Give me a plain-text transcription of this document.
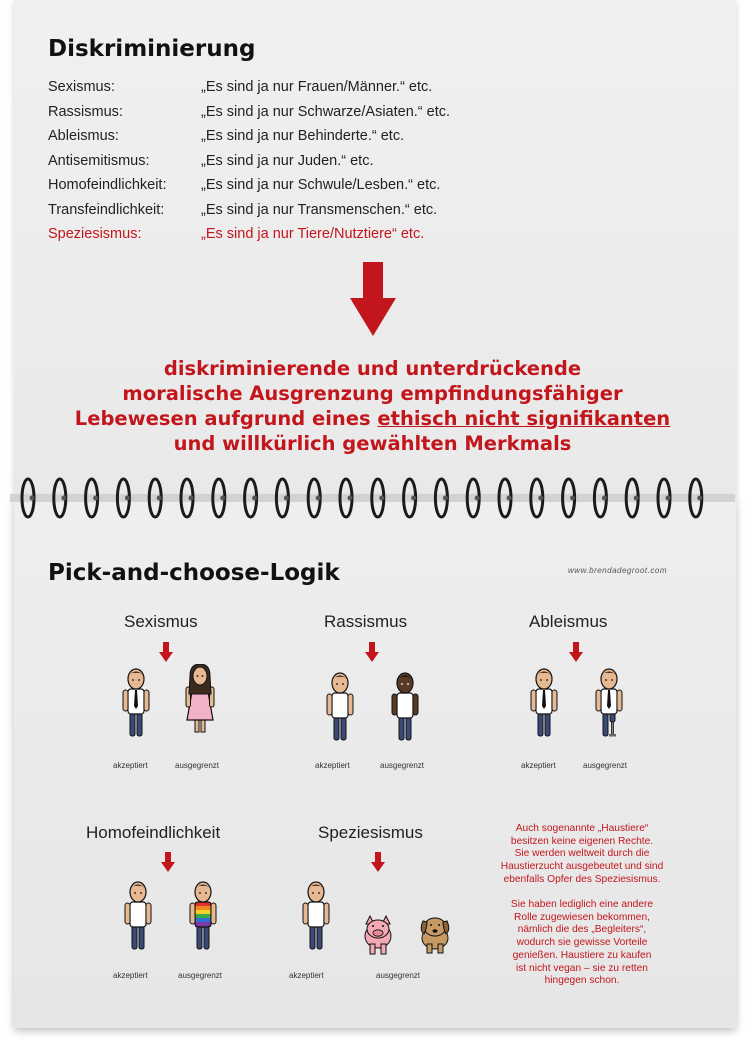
Diskriminierung
Sexismus:	„Es sind ja nur Frauen/Männer.“ etc.
Rassismus:	„Es sind ja nur Schwarze/Asiaten.“ etc.
Ableismus:	„Es sind ja nur Behinderte.“ etc.
Antisemitismus:	„Es sind ja nur Juden.“ etc.
Homofeindlichkeit: „Es sind ja nur Schwule/Lesben.“ etc.
Transfeindlichkeit:	„Es sind ja nur Transmenschen.“ etc.
Speziesismus:	„Es sind ja nur Tiere/Nutztiere“ etc.
diskriminierende und unterdrückende
moralische Ausgrenzung empfindungsfähiger
Lebewesen aufgrund eines ethisch nicht signifikanten
und willkürlich gewählten Merkmals
Pick-and-choose-Logik	www.brendadegroot.com
Sexismus	Rassismus	Ableismus
akzeptiert	ausgegrenzt	akzeptiert	ausgegrenzt	akzeptiert	ausgegrenzt
Homofeindlichkeit	Speziesismus
akzeptiert	ausgegrenzt	akzeptiert	ausgegrenzt
Auch sogenannte „Haustiere“
besitzen keine eigenen Rechte.
Sie werden weltweit durch die
Haustierzucht ausgebeutet und sind
ebenfalls Opfer des Speziesismus.
Sie haben lediglich eine andere
Rolle zugewiesen bekommen,
nämlich die des „Begleiters“,
wodurch sie gewisse Vorteile
genießen. Haustiere zu kaufen
ist nicht vegan – sie zu retten
hingegen schon.
